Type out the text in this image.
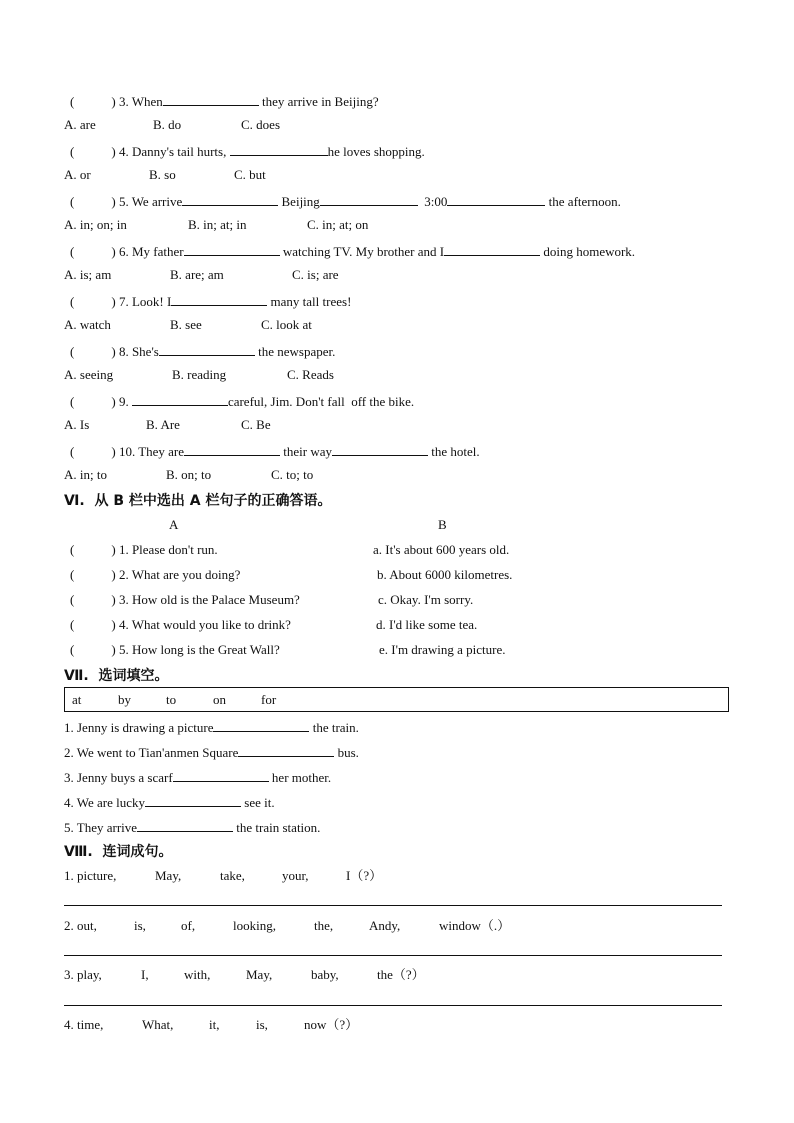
(	) 3. When	they arrive in Beijing?
A. are	B. do	C. does
(	) 4. Danny's tail hurts,	he loves shopping.
A. or	B. so	C. but
(	) 5. We arrive	Beijing	3:00	the afternoon.
A. in; on; in	B. in; at; in	C. in; at; on
(	) 6. My father	watching TV. My brother and I	doing homework.
A. is; am	B. are; am	C. is; are
(	) 7. Look! I	many tall trees!
A. watch	B. see	C. look at
(	) 8. She's	the newspaper.
A. seeing	B. reading	C. Reads
(	) 9.	careful, Jim. Don't fall  off the bike.
A. Is	B. Are	C. Be
(	) 10. They are	their way	the hotel.
A. in; to	B. on; to	C. to; to
Ⅵ.  从 B 栏中选出 A 栏句子的正确答语。
A	B
(	) 1. Please don't run.	a. It's about 600 years old.
(	) 2. What are you doing?	b. About 6000 kilometres.
(	) 3. How old is the Palace Museum?	c. Okay. I'm sorry.
(	) 4. What would you like to drink?	d. I'd like some tea.
(	) 5. How long is the Great Wall?	e. I'm drawing a picture.
Ⅶ.  选词填空。
at	by	to	on	for
1. Jenny is drawing a picture	the train.
2. We went to Tian'anmen Square	bus.
3. Jenny buys a scarf	her mother.
4. We are lucky	see it.
5. They arrive	the train station.
Ⅷ.  连词成句。
1. picture,	May,	take,	your,	I（?）
2. out,	is,	of,	looking,	the,	Andy,	window（.）
3. play,	I,	with,	May,	baby,	the（?）
4. time,	What,	it,	is,	now（?）
